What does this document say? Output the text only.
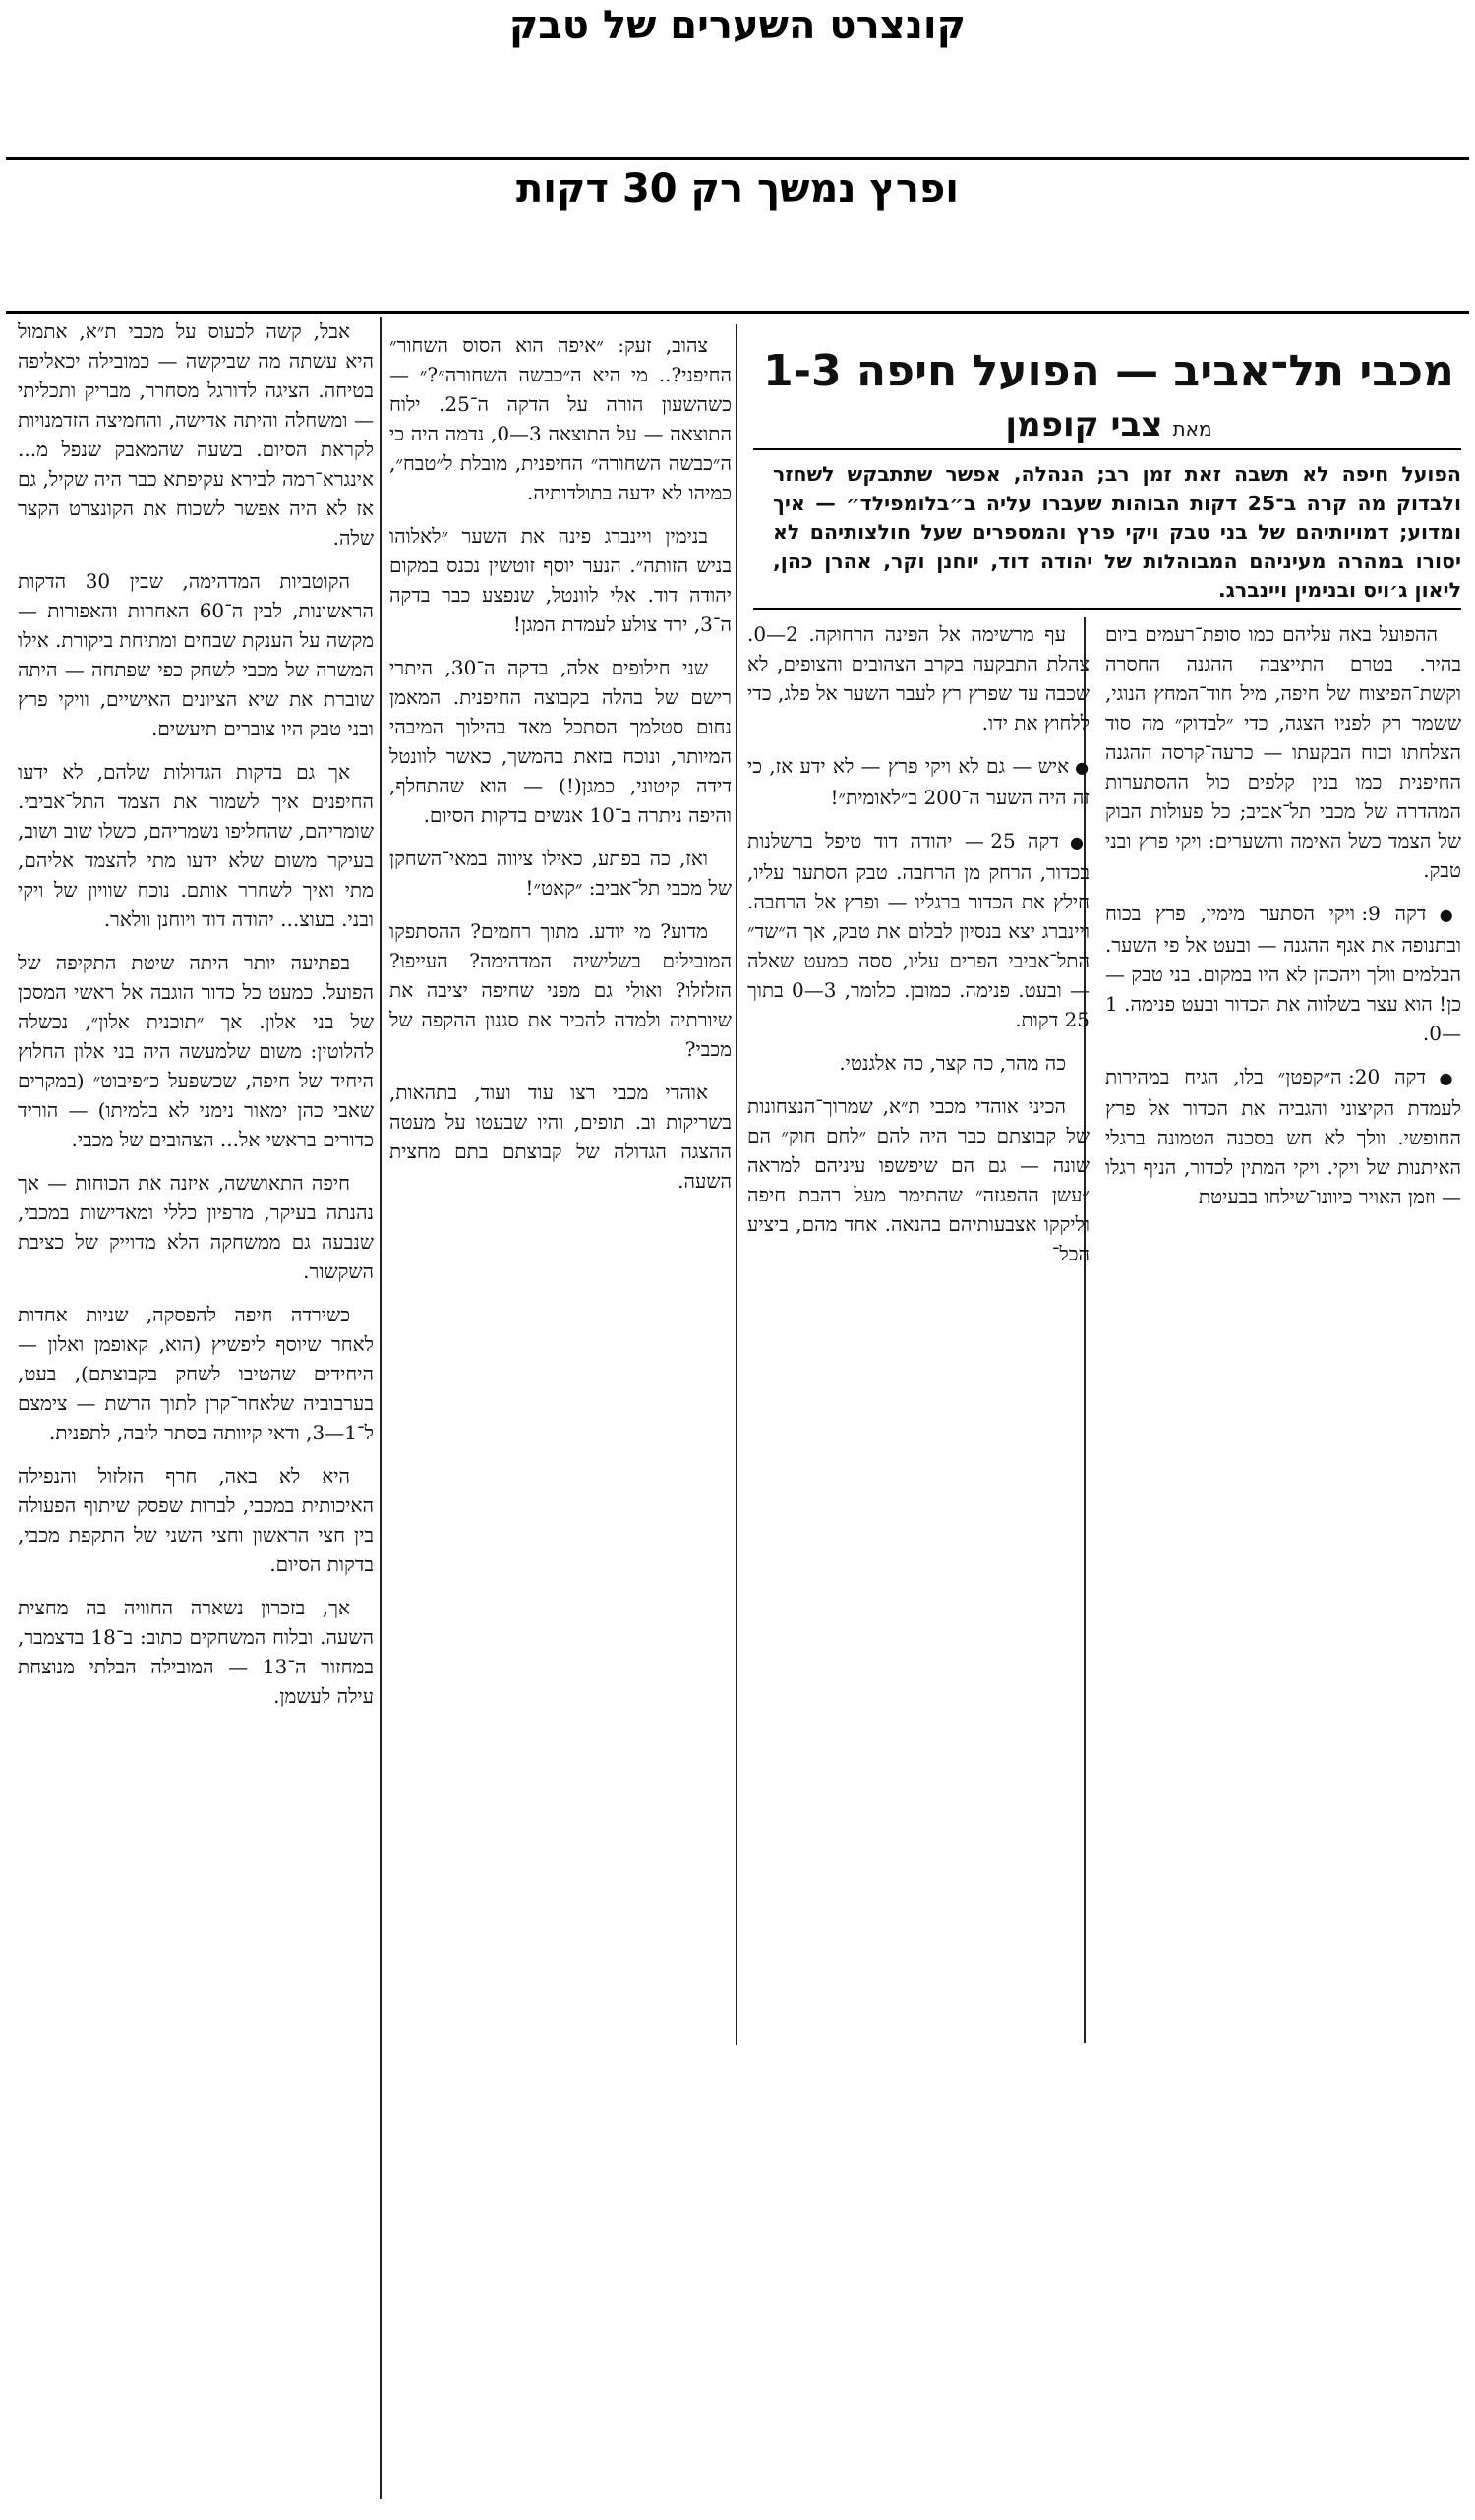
קונצרט השערים של טבק
ופרץ נמשך רק 30 דקות
מכבי תל־אביב — הפועל חיפה 1-3
מאתצבי קופמן
הפועל חיפה לא תשבה זאת זמן רב; הנהלה, אפשר שתתבקש לשחזר ולבדוק מה קרה ב־25 דקות הבוהות שעברו עליה ב״בלומפילד״ — איך ומדוע; דמויותיהם של בני טבק ויקי פרץ והמספרים שעל חולצותיהם לא יסורו במהרה מעיניהם המבוהלות של יהודה דוד, יוחנן וקר, אהרן כהן, ליאון ג׳ויס ובנימין ויינברג.

ההפועל באה עליהם כמו סופת־רעמים ביום בהיר. בטרם התייצבה ההגנה החסרה וקשת־הפיצוח של חיפה, מיל חוד־המחץ הנוגי, ששמר רק לפניו הצגה, כדי ״לבדוק״ מה סוד הצלחתו וכוח הבקעתו — כרעה־קרסה ההגנה החיפנית כמו בנין קלפים כול ההסתערות המהדרה של מכבי תל־אביב; כל פעולות הבוק של הצמד כשל האימה והשערים: ויקי פרץ ובני טבק.

● דקה 9: ויקי הסתער מימין, פרץ בכוח ובתנופה את אגף ההגנה — ובעט אל פי השער. הבלמים וולך ויהכהן לא היו במקום. בני טבק — כן! הוא עצר בשלווה את הכדור ובעט פנימה. 1—0.

● דקה 20: ה״קפטן״ בלו, הגיח במהירות לעמדת הקיצוני והגביה את הכדור אל פרץ החופשי. וולך לא חש בסכנה הטמונה ברגלי האיתנות של ויקי. ויקי המתין לכדור, הניף רגלו — וזמן האויר כיוונו־שילחו בבעיטת

עף מרשימה אל הפינה הרחוקה. 2—0. צהלת התבקעה בקרב הצהובים והצופים, לא שכבה עד שפרץ רץ לעבר השער אל פלג, כדי ללחוץ את ידו.

● איש — גם לא ויקי פרץ — לא ידע אז, כי זה היה השער ה־200 ב״לאומית״!

● דקה 25 — יהודה דוד טיפל ברשלנות בכדור, הרחק מן הרחבה. טבק הסתער עליו, חילץ את הכדור ברגליו — ופרץ אל הרחבה. ויינברג יצא בנסיון לבלום את טבק, אך ה״שד״ התל־אביבי הפרים עליו, ססה כמעט שאלה — ובעט. פנימה. כמובן. כלומר, 3—0 בתוך 25 דקות.

כה מהר, כה קצר, כה אלגנטי.

הכיני אוהדי מכבי ת״א, שמרוך־הנצחונות של קבוצתם כבר היה להם ״לחם חוק״ הם שונה — גם הם שיפשפו עיניהם למראה ״עשן ההפגזה״ שהתימר מעל רהבת חיפה וליקקו אצבעותיהם בהנאה. אחד מהם, ביציע הכל־

צהוב, זעק: ״איפה הוא הסוס השחור״ החיפני?.. מי היא ה״כבשה השחורה״?״ — כשהשעון הורה על הדקה ה־25. ילוח התוצאה — על התוצאה 3—0, נדמה היה כי ה״כבשה השחורה״ החיפנית, מובלת ל״טבח״, כמיהו לא ידעה בתולדותיה.

בנימין ויינברג פינה את השער ״לאלוהו בניש הזותה״. הנער יוסף זוטשין נכנס במקום יהודה דוד. אלי לוונטל, שנפצע כבר בדקה ה־3, ירד צולע לעמדת המגן!

שני חילופים אלה, בדקה ה־30, היתרי רישם של בהלה בקבוצה החיפנית. המאמן נחום סטלמך הסתכל מאד בהילוך המיבהי המיותר, ונוכח בזאת בהמשך, כאשר לוונטל דידה קיטוני, כמגן(!) — הוא שהתחלף, והיפה ניתרה ב־10 אנשים בדקות הסיום.

ואז, כה בפתע, כאילו ציווה במאי־השחקן של מכבי תל־אביב: ״קאט״!

מדוע? מי יודע. מתוך רחמים? ההסתפקו המובילים בשלישיה המדהימה? העייפו? הזלזלו? ואולי גם מפני שחיפה יציבה את שיורתיה ולמדה להכיר את סגנון ההקפה של מכבי?

אוהדי מכבי רצו עוד ועוד, בתהאות, בשריקות וב. תופים, והיו שבעטו על מעטה ההצגה הגדולה של קבוצתם בתם מחצית השעה.

אבל, קשה לכעוס על מכבי ת״א, אתמול היא עשתה מה שביקשה — כמובילה יכאליפה בטיחה. הציגה לדורגל מסחרר, מבריק ותכליתי — ומשחלה והיתה אדישה, והחמיצה הזדמנויות לקראת הסיום. בשעה שהמאבק שנפל מ... אינגרא־רמה לבירא עקיפתא כבר היה שקיל, גם אז לא היה אפשר לשכוח את הקונצרט הקצר שלה.

הקוטביות המדהימה, שבין 30 הדקות הראשונות, לבין ה־60 האחרות והאפורות — מקשה על הענקת שבחים ומתיחת ביקורת. אילו המשרה של מכבי לשחק כפי שפתחה — היתה שוברת את שיא הציונים האישיים, וויקי פרץ ובני טבק היו צוברים תיעשים.

אך גם בדקות הגדולות שלהם, לא ידעו החיפנים איך לשמור את הצמד התל־אביבי. שומריהם, שהחליפו נשמריהם, כשלו שוב ושוב, בעיקר משום שלא ידעו מתי להצמד אליהם, מתי ואיך לשחרר אותם. נוכח שוויון של ויקי ובני. בעוצ... יהודה דוד ויוחנן וולאר.

בפתיעה יותר היתה שיטת התקיפה של הפועל. כמעט כל כדור הוגבה אל ראשי המסכן של בני אלון. אך ״תוכנית אלון״, נכשלה להלוטין: משום שלמעשה היה בני אלון החלוץ היחיד של חיפה, שכשפעל כ״פיבוט״ (במקרים שאבי כהן ימאור נימני לא בלמיתו) — הוריד כדורים בראשי אל... הצהובים של מכבי.

חיפה התאוששה, איזנה את הכוחות — אך נהנתה בעיקר, מרפיון כללי ומאדישות במכבי, שנבעה גם ממשחקה הלא מדוייק של כציבת השקשור.

כשירדה חיפה להפסקה, שניות אחדות לאחר שיוסף ליפשיץ (הוא, קאופמן ואלון — היחידים שהטיבו לשחק בקבוצתם), בעט, בערבוביה שלאחר־קרן לתוך הרשת — צימצם ל־1—3, ודאי קיוותה בסתר ליבה, לתפנית.

היא לא באה, חרף הזלזול והנפילה האיכותית במכבי, לברות שפסק שיתוף הפעולה בין חצי הראשון וחצי השני של התקפת מכבי, בדקות הסיום.

אך, בזכרון נשארה החוויה בה מחצית השעה. ובלוח המשחקים כתוב: ב־18 בדצמבר, במחזור ה־13 — המובילה הבלתי מנוצחת עילה לעשמן.
